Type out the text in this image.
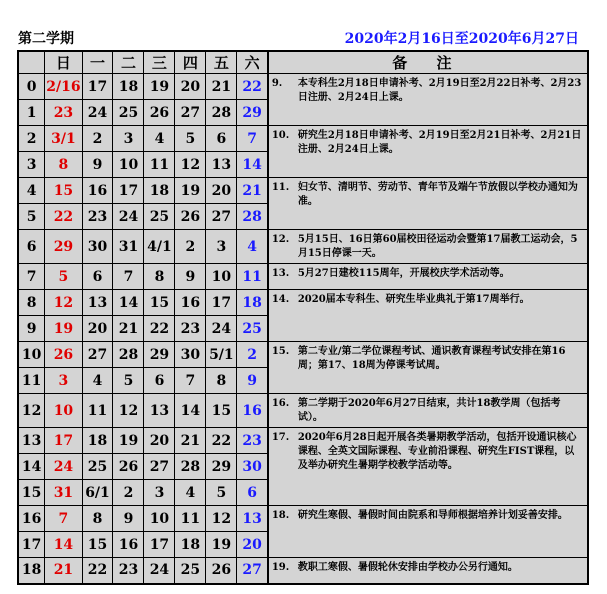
第二学期	2020年2月16日至2020年6月27日
	日	一	二	三	四	五	六	备 注
0	2/16	17	18	19	20	21	22	9. 本专科生2月18日申请补考、2月19日至2月22日补考、2月23日注册、2月24日上课。

1	23	24	25	26	27	28	29	
2	3/1	2	3	4	5	6	7	10. 研究生2月18日申请补考、2月19日至2月21日补考、2月21日注册、2月24日上课。

3	8	9	10	11	12	13	14	
4	15	16	17	18	19	20	21	11. 妇女节、清明节、劳动节、青年节及端午节放假以学校办通知为准。

5	22	23	24	25	26	27	28	
6	29	30	31	4/1	2	3	4	12. 5月15日、16日第60届校田径运动会暨第17届教工运动会，5月15日停课一天。

7	5	6	7	8	9	10	11	13. 5月27日建校115周年，开展校庆学术活动等。

8	12	13	14	15	16	17	18	14. 2020届本专科生、研究生毕业典礼于第17周举行。

9	19	20	21	22	23	24	25	
10	26	27	28	29	30	5/1	2	15. 第二专业/第二学位课程考试、通识教育课程考试安排在第16周；第17、18周为停课考试周。

11	3	4	5	6	7	8	9	
12	10	11	12	13	14	15	16	16. 第二学期于2020年6月27日结束，共计18教学周（包括考试）。

13	17	18	19	20	21	22	23	17. 2020年6月28日起开展各类暑期教学活动，包括开设通识核心课程、全英文国际课程、专业前沿课程、研究生FIST课程，以及举办研究生暑期学校教学活动等。

14	24	25	26	27	28	29	30	
15	31	6/1	2	3	4	5	6	
16	7	8	9	10	11	12	13	18. 研究生寒假、暑假时间由院系和导师根据培养计划妥善安排。

17	14	15	16	17	18	19	20	
18	21	22	23	24	25	26	27	19. 教职工寒假、暑假轮休安排由学校办公另行通知。
